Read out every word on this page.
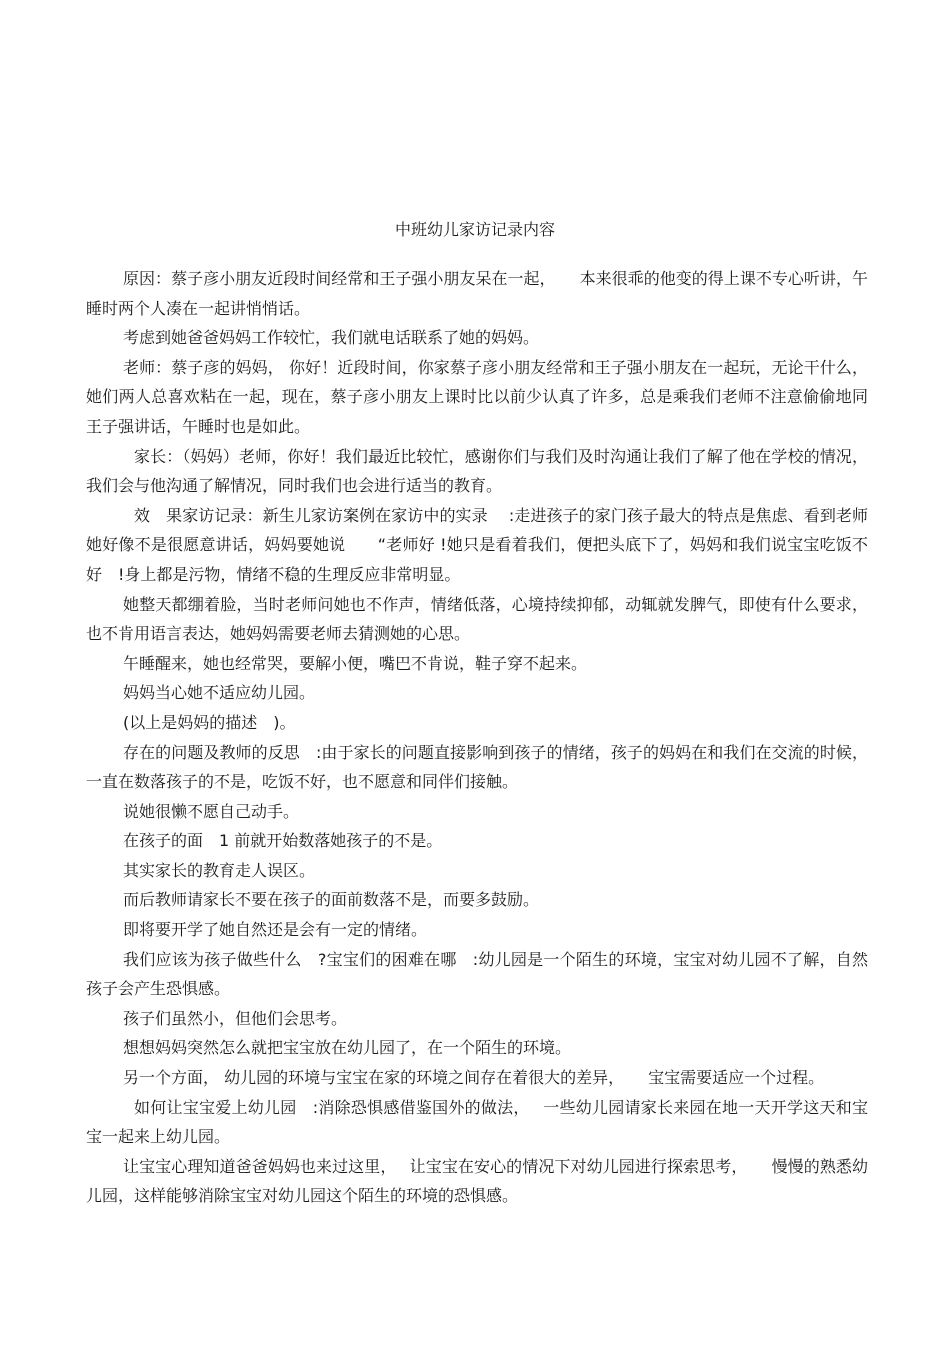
中班幼儿家访记录内容

原因：蔡子彦小朋友近段时间经常和王子强小朋友呆在一起，　　本来很乖的他变的得上课不专心听讲，午睡时两个人凑在一起讲悄悄话。

考虑到她爸爸妈妈工作较忙，我们就电话联系了她的妈妈。

老师：蔡子彦的妈妈， 你好！近段时间，你家蔡子彦小朋友经常和王子强小朋友在一起玩，无论干什么，她们两人总喜欢粘在一起，现在，蔡子彦小朋友上课时比以前少认真了许多，总是乘我们老师不注意偷偷地同王子强讲话，午睡时也是如此。

家长：（妈妈）老师，你好！我们最近比较忙，感谢你们与我们及时沟通让我们了解了他在学校的情况，我们会与他沟通了解情况，同时我们也会进行适当的教育。

效　果家访记录：新生儿家访案例在家访中的实录　 :走进孩子的家门孩子最大的特点是焦虑、看到老师她好像不是很愿意讲话，妈妈要她说　　“老师好 !她只是看着我们，便把头底下了，妈妈和我们说宝宝吃饭不好　!身上都是污物，情绪不稳的生理反应非常明显。

她整天都绷着脸，当时老师问她也不作声，情绪低落，心境持续抑郁，动辄就发脾气，即使有什么要求，也不肯用语言表达，她妈妈需要老师去猜测她的心思。

午睡醒来，她也经常哭，要解小便，嘴巴不肯说，鞋子穿不起来。

妈妈当心她不适应幼儿园。

(以上是妈妈的描述　)。

存在的问题及教师的反思　:由于家长的问题直接影响到孩子的情绪，孩子的妈妈在和我们在交流的时候，一直在数落孩子的不是，吃饭不好，也不愿意和同伴们接触。

说她很懒不愿自己动手。

在孩子的面　1 前就开始数落她孩子的不是。

其实家长的教育走人误区。

而后教师请家长不要在孩子的面前数落不是，而要多鼓励。

即将要开学了她自然还是会有一定的情绪。

我们应该为孩子做些什么　?宝宝们的困难在哪　:幼儿园是一个陌生的环境，宝宝对幼儿园不了解，自然孩子会产生恐惧感。

孩子们虽然小，但他们会思考。

想想妈妈突然怎么就把宝宝放在幼儿园了，在一个陌生的环境。

另一个方面， 幼儿园的环境与宝宝在家的环境之间存在着很大的差异，　　宝宝需要适应一个过程。

如何让宝宝爱上幼儿园　:消除恐惧感借鉴国外的做法，　 一些幼儿园请家长来园在地一天开学这天和宝宝一起来上幼儿园。

让宝宝心理知道爸爸妈妈也来过这里，　 让宝宝在安心的情况下对幼儿园进行探索思考，　　慢慢的熟悉幼儿园，这样能够消除宝宝对幼儿园这个陌生的环境的恐惧感。
